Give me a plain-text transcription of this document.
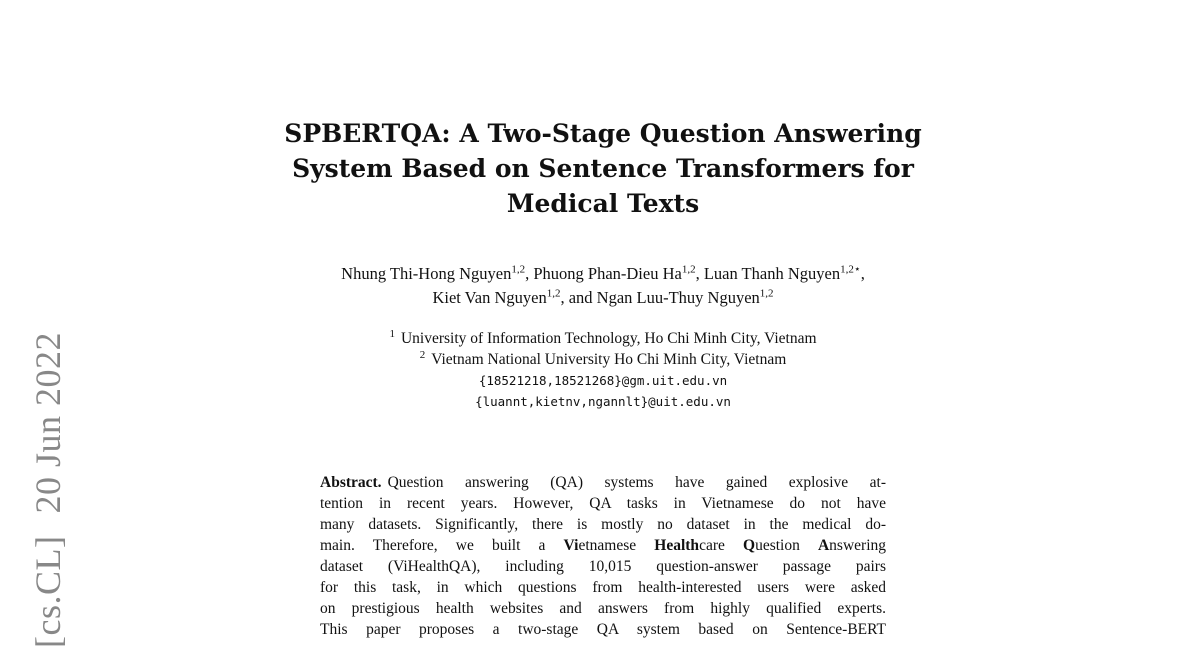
[cs.CL]20 Jun 2022
SPBERTQA: A Two-Stage Question Answering
System Based on Sentence Transformers for
Medical Texts
Nhung Thi-Hong Nguyen$^{1,2}$, Phuong Phan-Dieu Ha$^{1,2}$, Luan Thanh Nguyen$^{1,2⋆}$,
Kiet Van Nguyen$^{1,2}$, and Ngan Luu-Thuy Nguyen$^{1,2}$
$^1$ University of Information Technology, Ho Chi Minh City, Vietnam
$^2$ Vietnam National University Ho Chi Minh City, Vietnam
{18521218,18521268}@gm.uit.edu.vn
{luannt,kietnv,ngannlt}@uit.edu.vn
Abstract. Question answering (QA) systems have gained explosive at-
tention in recent years. However, QA tasks in Vietnamese do not have
many datasets. Significantly, there is mostly no dataset in the medical do-
main. Therefore, we built a Vietnamese Healthcare Question Answering
dataset (ViHealthQA), including 10,015 question-answer passage pairs
for this task, in which questions from health-interested users were asked
on prestigious health websites and answers from highly qualified experts.
This paper proposes a two-stage QA system based on Sentence-BERT
